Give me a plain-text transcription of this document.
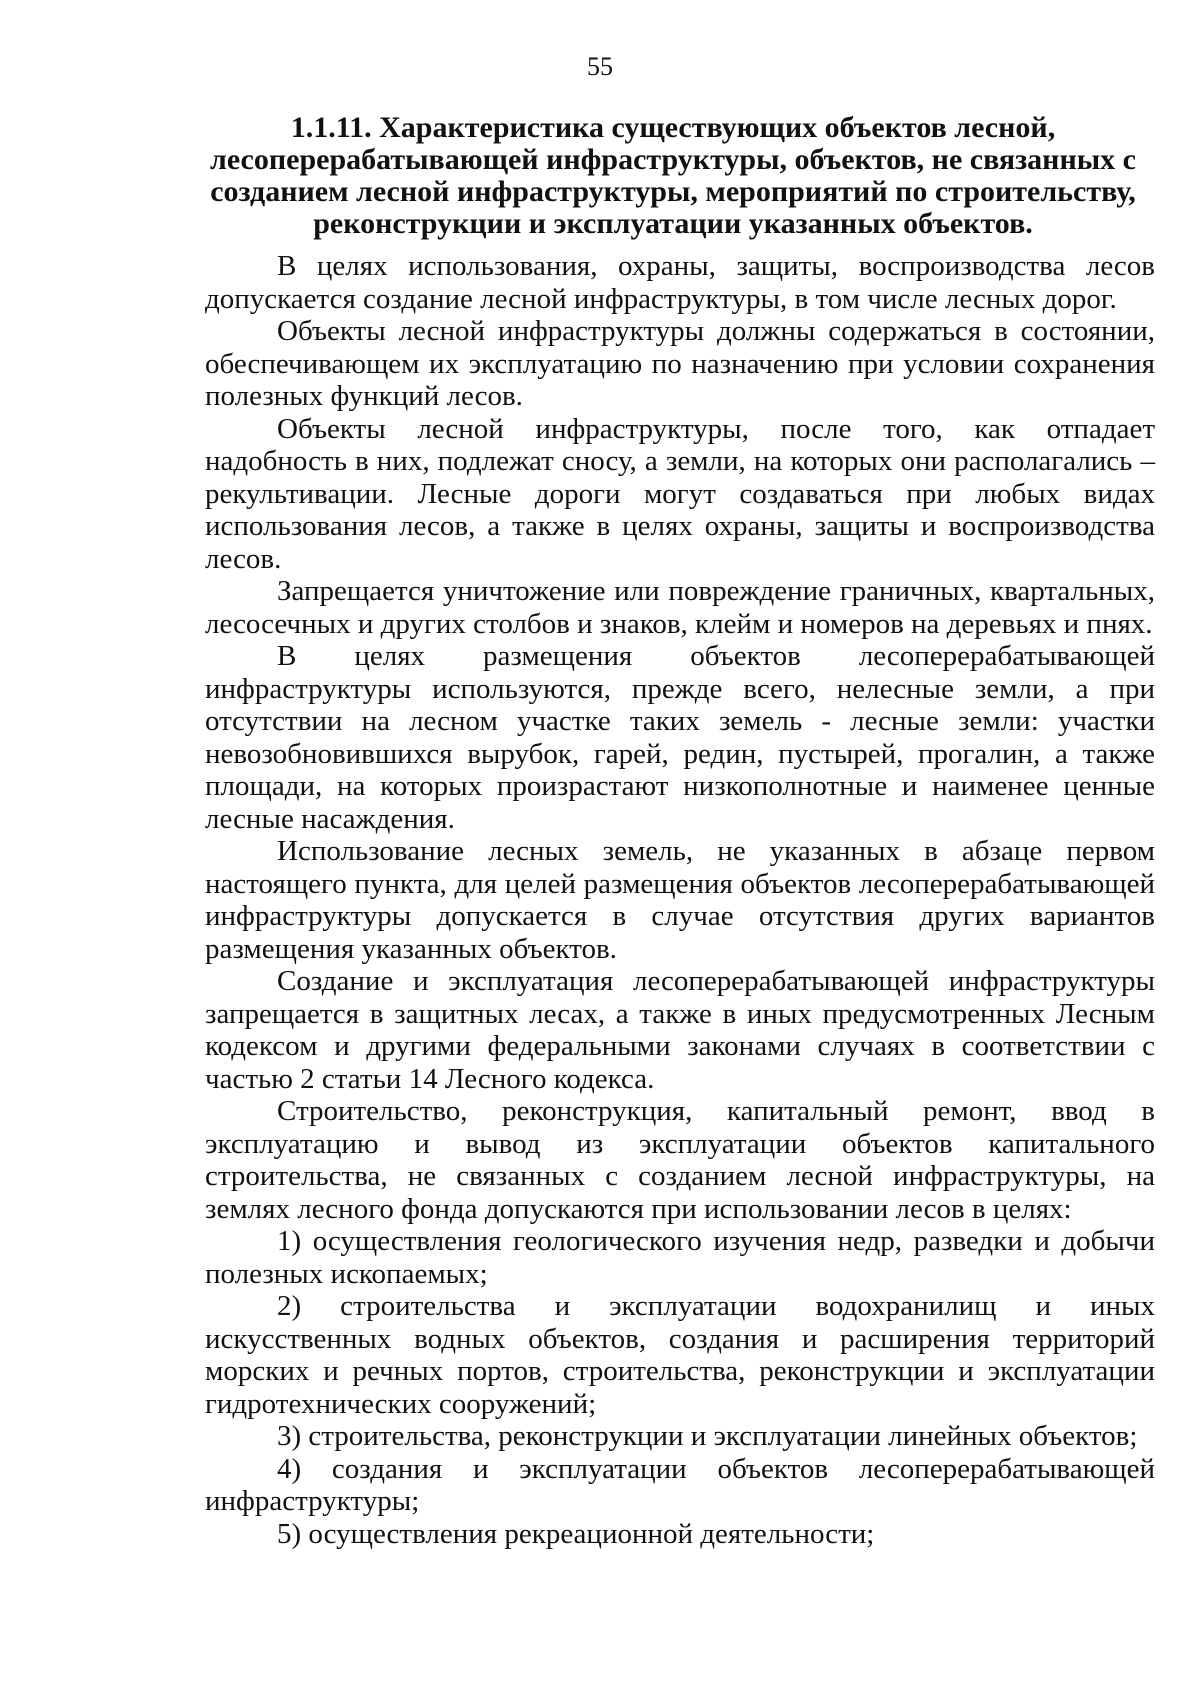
55
1.1.11. Характеристика существующих объектов лесной,
лесоперерабатывающей инфраструктуры, объектов, не связанных с
созданием лесной инфраструктуры, мероприятий по строительству,
реконструкции и эксплуатации указанных объектов.

В целях использования, охраны, защиты, воспроизводства лесов допускается создание лесной инфраструктуры, в том числе лесных дорог.

Объекты лесной инфраструктуры должны содержаться в состоянии, обеспечивающем их эксплуатацию по назначению при условии сохранения полезных функций лесов.

Объекты лесной инфраструктуры, после того, как отпадает надобность в них, подлежат сносу, а земли, на которых они располагались – рекультивации. Лесные дороги могут создаваться при любых видах использования лесов, а также в целях охраны, защиты и воспроизводства лесов.

Запрещается уничтожение или повреждение граничных, квартальных, лесосечных и других столбов и знаков, клейм и номеров на деревьях и пнях.

В целях размещения объектов лесоперерабатывающей инфраструктуры используются, прежде всего, нелесные земли, а при отсутствии на лесном участке таких земель - лесные земли: участки невозобновившихся вырубок, гарей, редин, пустырей, прогалин, а также площади, на которых произрастают низкополнотные и наименее ценные лесные насаждения.

Использование лесных земель, не указанных в абзаце первом настоящего пункта, для целей размещения объектов лесоперерабатывающей инфраструктуры допускается в случае отсутствия других вариантов размещения указанных объектов.

Создание и эксплуатация лесоперерабатывающей инфраструктуры запрещается в защитных лесах, а также в иных предусмотренных Лесным кодексом и другими федеральными законами случаях в соответствии с частью 2 статьи 14 Лесного кодекса.

Строительство, реконструкция, капитальный ремонт, ввод в эксплуатацию и вывод из эксплуатации объектов капитального строительства, не связанных с созданием лесной инфраструктуры, на землях лесного фонда допускаются при использовании лесов в целях:

1) осуществления геологического изучения недр, разведки и добычи полезных ископаемых;

2) строительства и эксплуатации водохранилищ и иных искусственных водных объектов, создания и расширения территорий морских и речных портов, строительства, реконструкции и эксплуатации гидротехнических сооружений;

3) строительства, реконструкции и эксплуатации линейных объектов;

4) создания и эксплуатации объектов лесоперерабатывающей инфраструктуры;

5) осуществления рекреационной деятельности;
